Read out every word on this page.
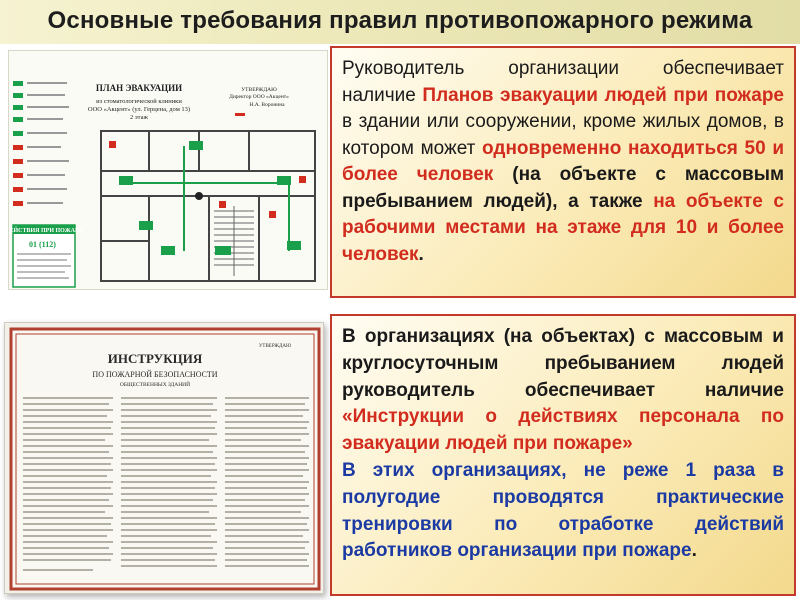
Основные требования правил противопожарного режима
ДЕЙСТВИЯ ПРИ ПОЖАРЕ
01 (112)
ПЛАН ЭВАКУАЦИИ
из стоматологической клиники
ООО «Акцент» (ул. Герцена, дом 13)
2 этаж
УТВЕРЖДАЮ
Директор ООО «Акцент»
Н.А. Воронина
ИНСТРУКЦИЯ
ПО ПОЖАРНОЙ БЕЗОПАСНОСТИ
ОБЩЕСТВЕННЫХ ЗДАНИЙ
УТВЕРЖДАЮ

Руководитель организации обеспечивает наличие Планов эвакуации людей при пожаре в здании или сооружении, кроме жилых домов, в котором может одновременно находиться 50 и более человек (на объекте с массовым пребыванием людей), а также на объекте с рабочими местами на этаже для 10 и более человек.

В организациях (на объектах) с массовым и круглосуточным пребыванием людей руководитель обеспечивает наличие «Инструкции о действиях персонала по эвакуации людей при пожаре»

В этих организациях, не реже 1 раза в полугодие проводятся практические тренировки по отработке действий работников организации при пожаре.
